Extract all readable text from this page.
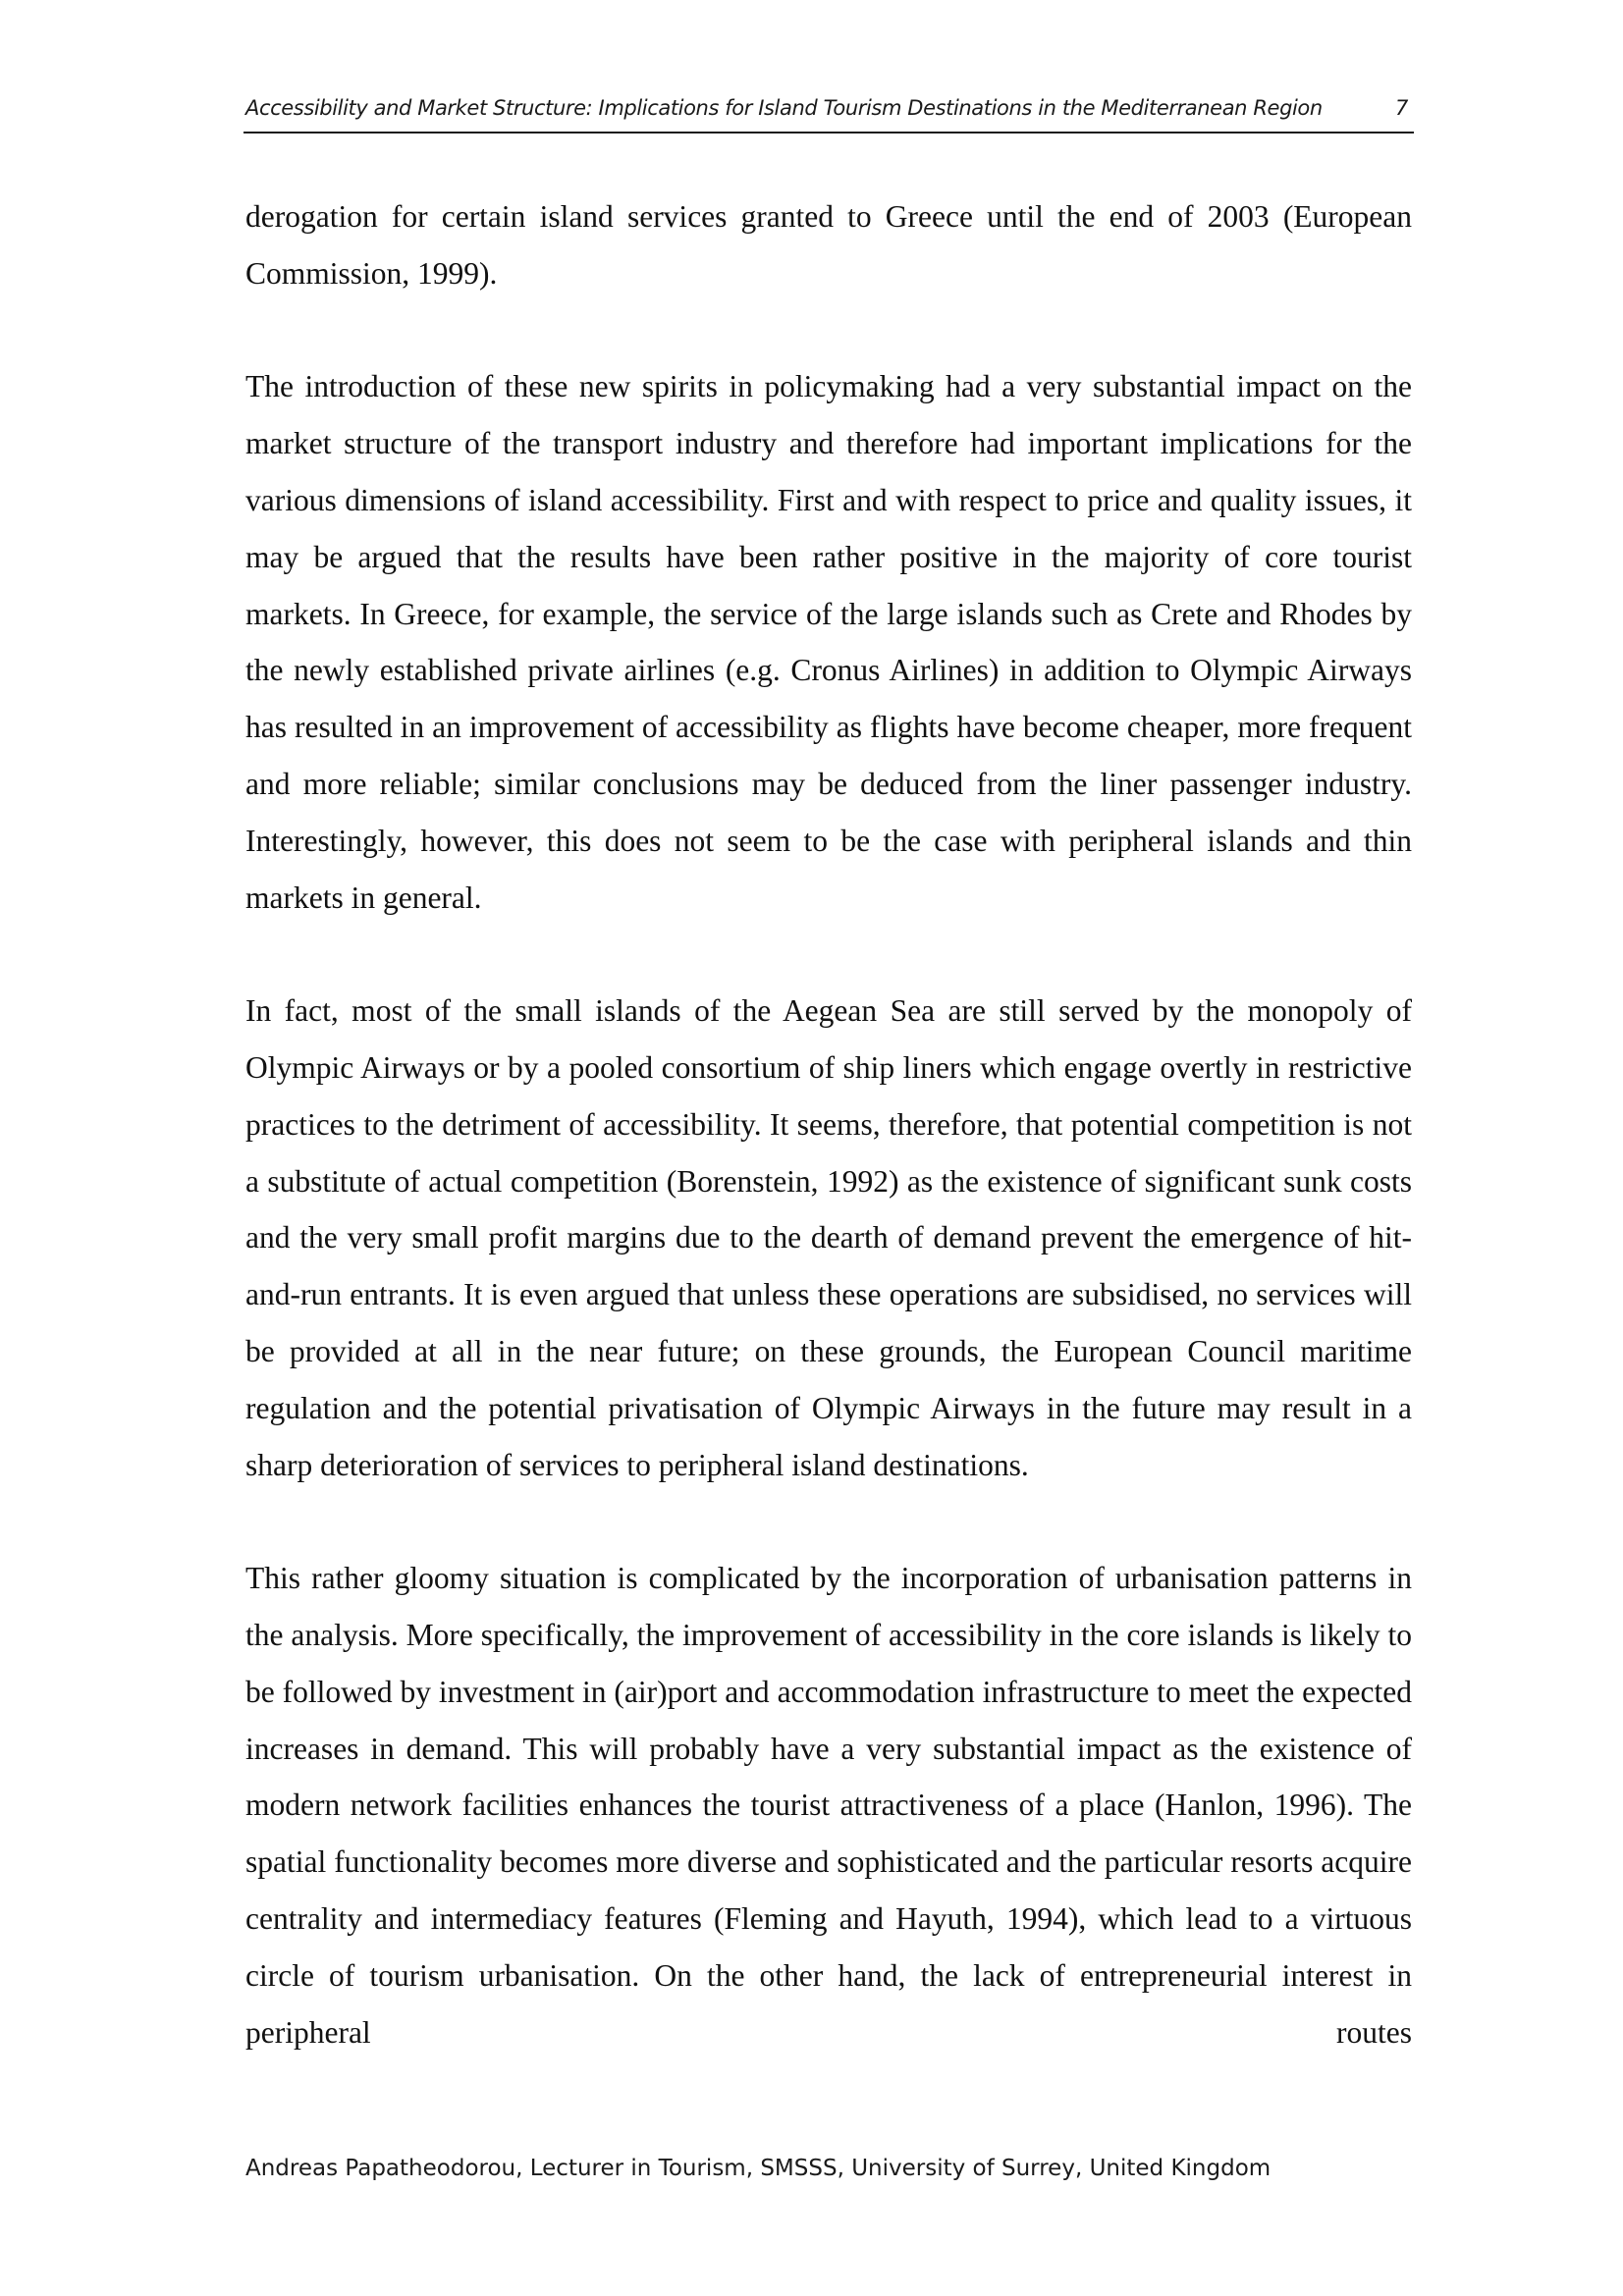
Accessibility and Market Structure: Implications for Island Tourism Destinations in the Mediterranean Region	7

derogation for certain island services granted to Greece until the end of 2003 (European Commission, 1999).

The introduction of these new spirits in policymaking had a very substantial impact on the market structure of the transport industry and therefore had important implications for the various dimensions of island accessibility. First and with respect to price and quality issues, it may be argued that the results have been rather positive in the majority of core tourist markets. In Greece, for example, the service of the large islands such as Crete and Rhodes by the newly established private airlines (e.g. Cronus Airlines) in addition to Olympic Airways has resulted in an improvement of accessibility as flights have become cheaper, more frequent and more reliable; similar conclusions may be deduced from the liner passenger industry. Interestingly, however, this does not seem to be the case with peripheral islands and thin markets in general.

In fact, most of the small islands of the Aegean Sea are still served by the monopoly of Olympic Airways or by a pooled consortium of ship liners which engage overtly in restrictive practices to the detriment of accessibility. It seems, therefore, that potential competition is not a substitute of actual competition (Borenstein, 1992) as the existence of significant sunk costs and the very small profit margins due to the dearth of demand prevent the emergence of hit-and-run entrants. It is even argued that unless these operations are subsidised, no services will be provided at all in the near future; on these grounds, the European Council maritime regulation and the potential privatisation of Olympic Airways in the future may result in a sharp deterioration of services to peripheral island destinations.

This rather gloomy situation is complicated by the incorporation of urbanisation patterns in the analysis. More specifically, the improvement of accessibility in the core islands is likely to be followed by investment in (air)port and accommodation infrastructure to meet the expected increases in demand. This will probably have a very substantial impact as the existence of modern network facilities enhances the tourist attractiveness of a place (Hanlon, 1996). The spatial functionality becomes more diverse and sophisticated and the particular resorts acquire centrality and intermediacy features (Fleming and Hayuth, 1994), which lead to a virtuous circle of tourism urbanisation. On the other hand, the lack of entrepreneurial interest in peripheral routes

Andreas Papatheodorou, Lecturer in Tourism, SMSSS, University of Surrey, United Kingdom
